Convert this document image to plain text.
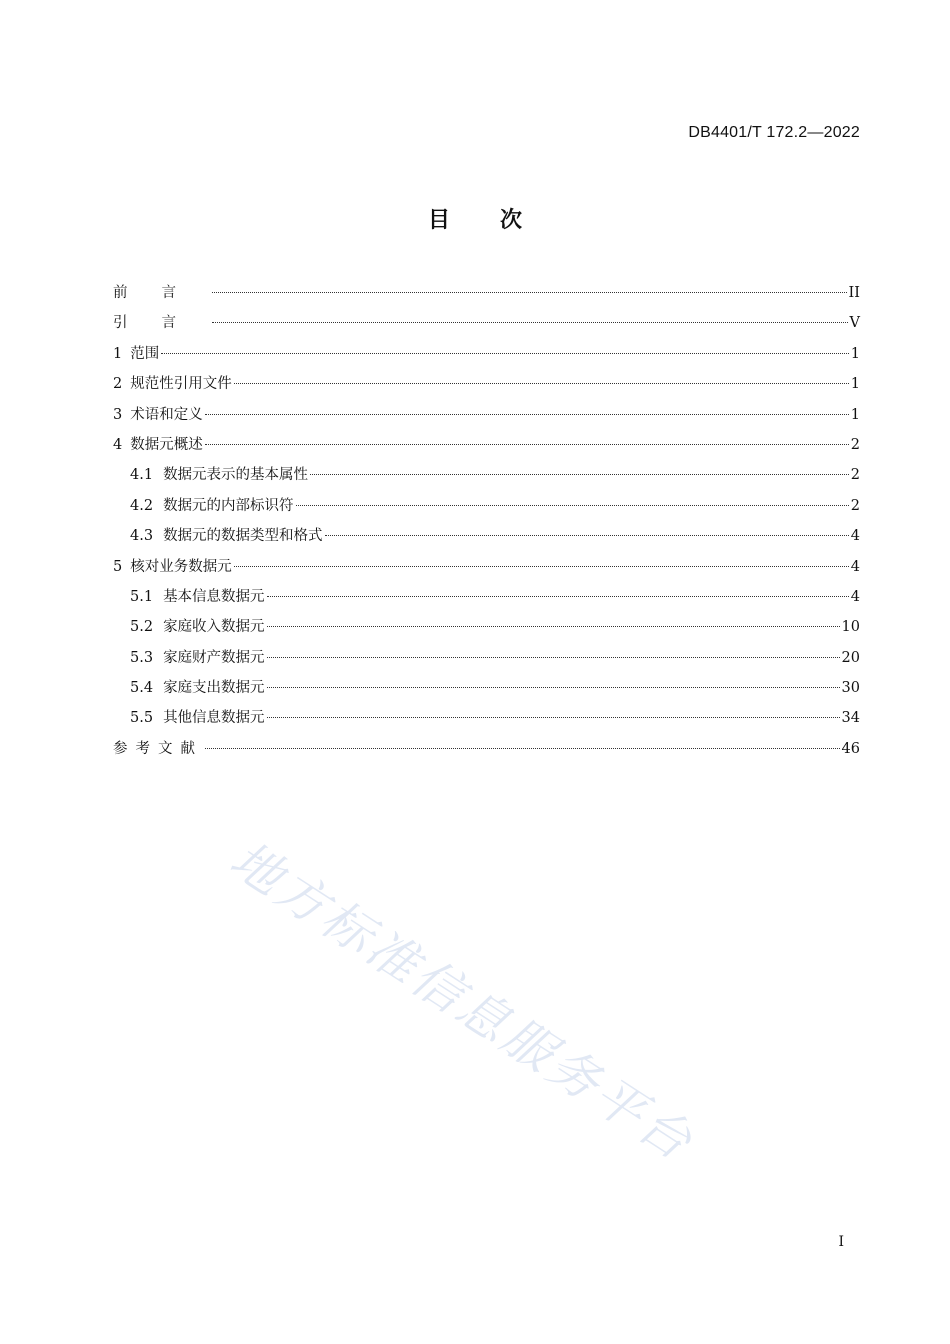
DB4401/T 172.2—2022
目 次
前言	II
引言	V
1 范围	1
2 规范性引用文件	1
3 术语和定义	1
4 数据元概述	2
4.1 数据元表示的基本属性	2
4.2 数据元的内部标识符	2
4.3 数据元的数据类型和格式	4
5 核对业务数据元	4
5.1 基本信息数据元	4
5.2 家庭收入数据元	10
5.3 家庭财产数据元	20
5.4 家庭支出数据元	30
5.5 其他信息数据元	34
参考文献	46
地方标准信息服务平台
I
